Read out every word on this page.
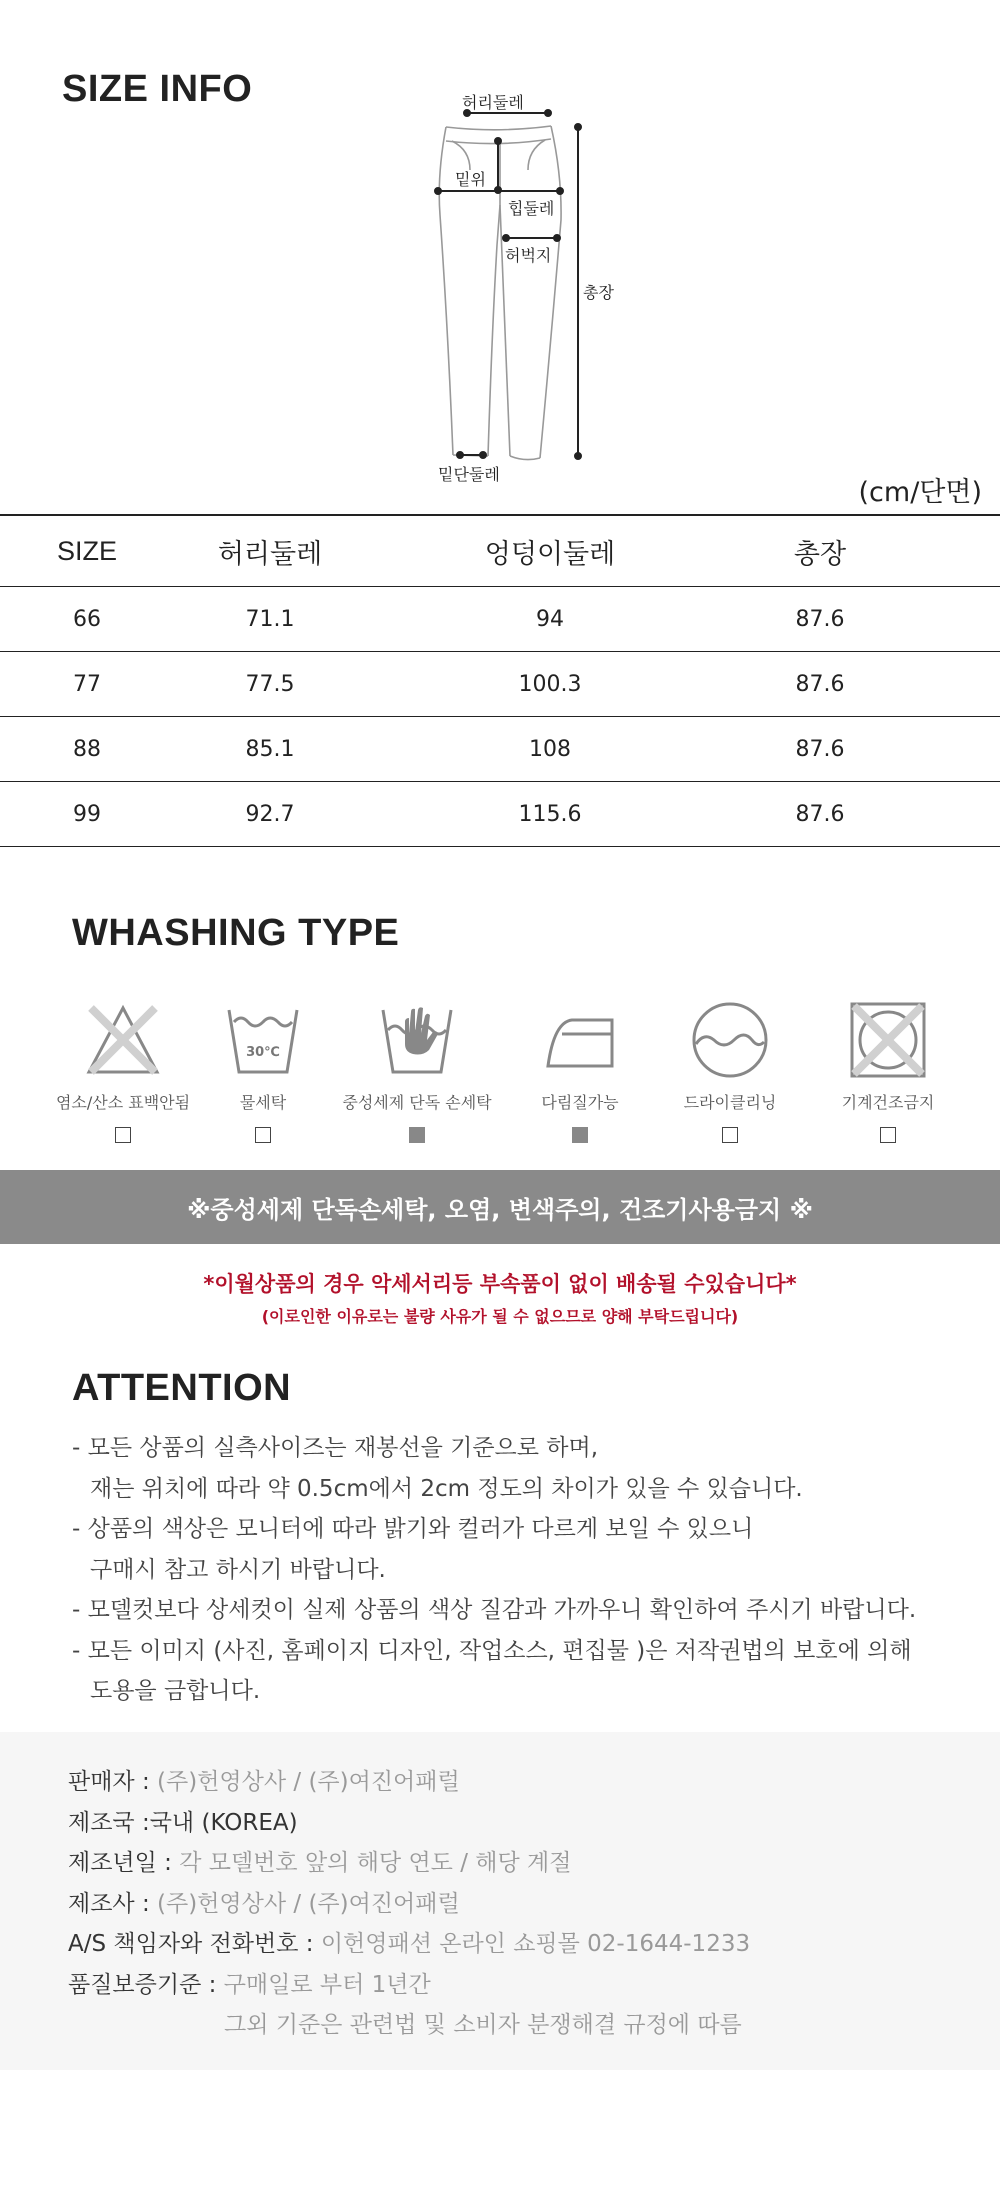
SIZE INFO	허리둘레
밑위
힙둘레
허벅지
총장
밑단둘레
(cm/단면)
SIZE	허리둘레	엉덩이둘레	총장
66	71.1	94	87.6
77	77.5	100.3	87.6
88	85.1	108	87.6
99	92.7	115.6	87.6
WHASHING TYPE
염소/산소 표백안됨
30℃
물세탁	중성세제 단독 손세탁	다림질가능	드라이클리닝	기계건조금지
※중성세제 단독손세탁, 오염, 변색주의, 건조기사용금지 ※
*이월상품의 경우 악세서리등 부속품이 없이 배송될 수있습니다*
(이로인한 이유로는 불량 사유가 될 수 없으므로 양해 부탁드립니다)
ATTENTION
- 모든 상품의 실측사이즈는 재봉선을 기준으로 하며,
재는 위치에 따라 약 0.5cm에서 2cm 정도의 차이가 있을 수 있습니다.
- 상품의 색상은 모니터에 따라 밝기와 컬러가 다르게 보일 수 있으니
구매시 참고 하시기 바랍니다.
- 모델컷보다 상세컷이 실제 상품의 색상 질감과 가까우니 확인하여 주시기 바랍니다.
- 모든 이미지 (사진, 홈페이지 디자인, 작업소스, 편집물 )은 저작권법의 보호에 의해
도용을 금합니다.
판매자 : (주)헌영상사 / (주)여진어패럴
제조국 :국내 (KOREA)
제조년일 : 각 모델번호 앞의 해당 연도 / 해당 계절
제조사 : (주)헌영상사 / (주)여진어패럴
A/S 책임자와 전화번호 : 이헌영패션 온라인 쇼핑몰 02-1644-1233
품질보증기준 : 구매일로 부터 1년간
그외 기준은 관련법 및 소비자 분쟁해결 규정에 따름
